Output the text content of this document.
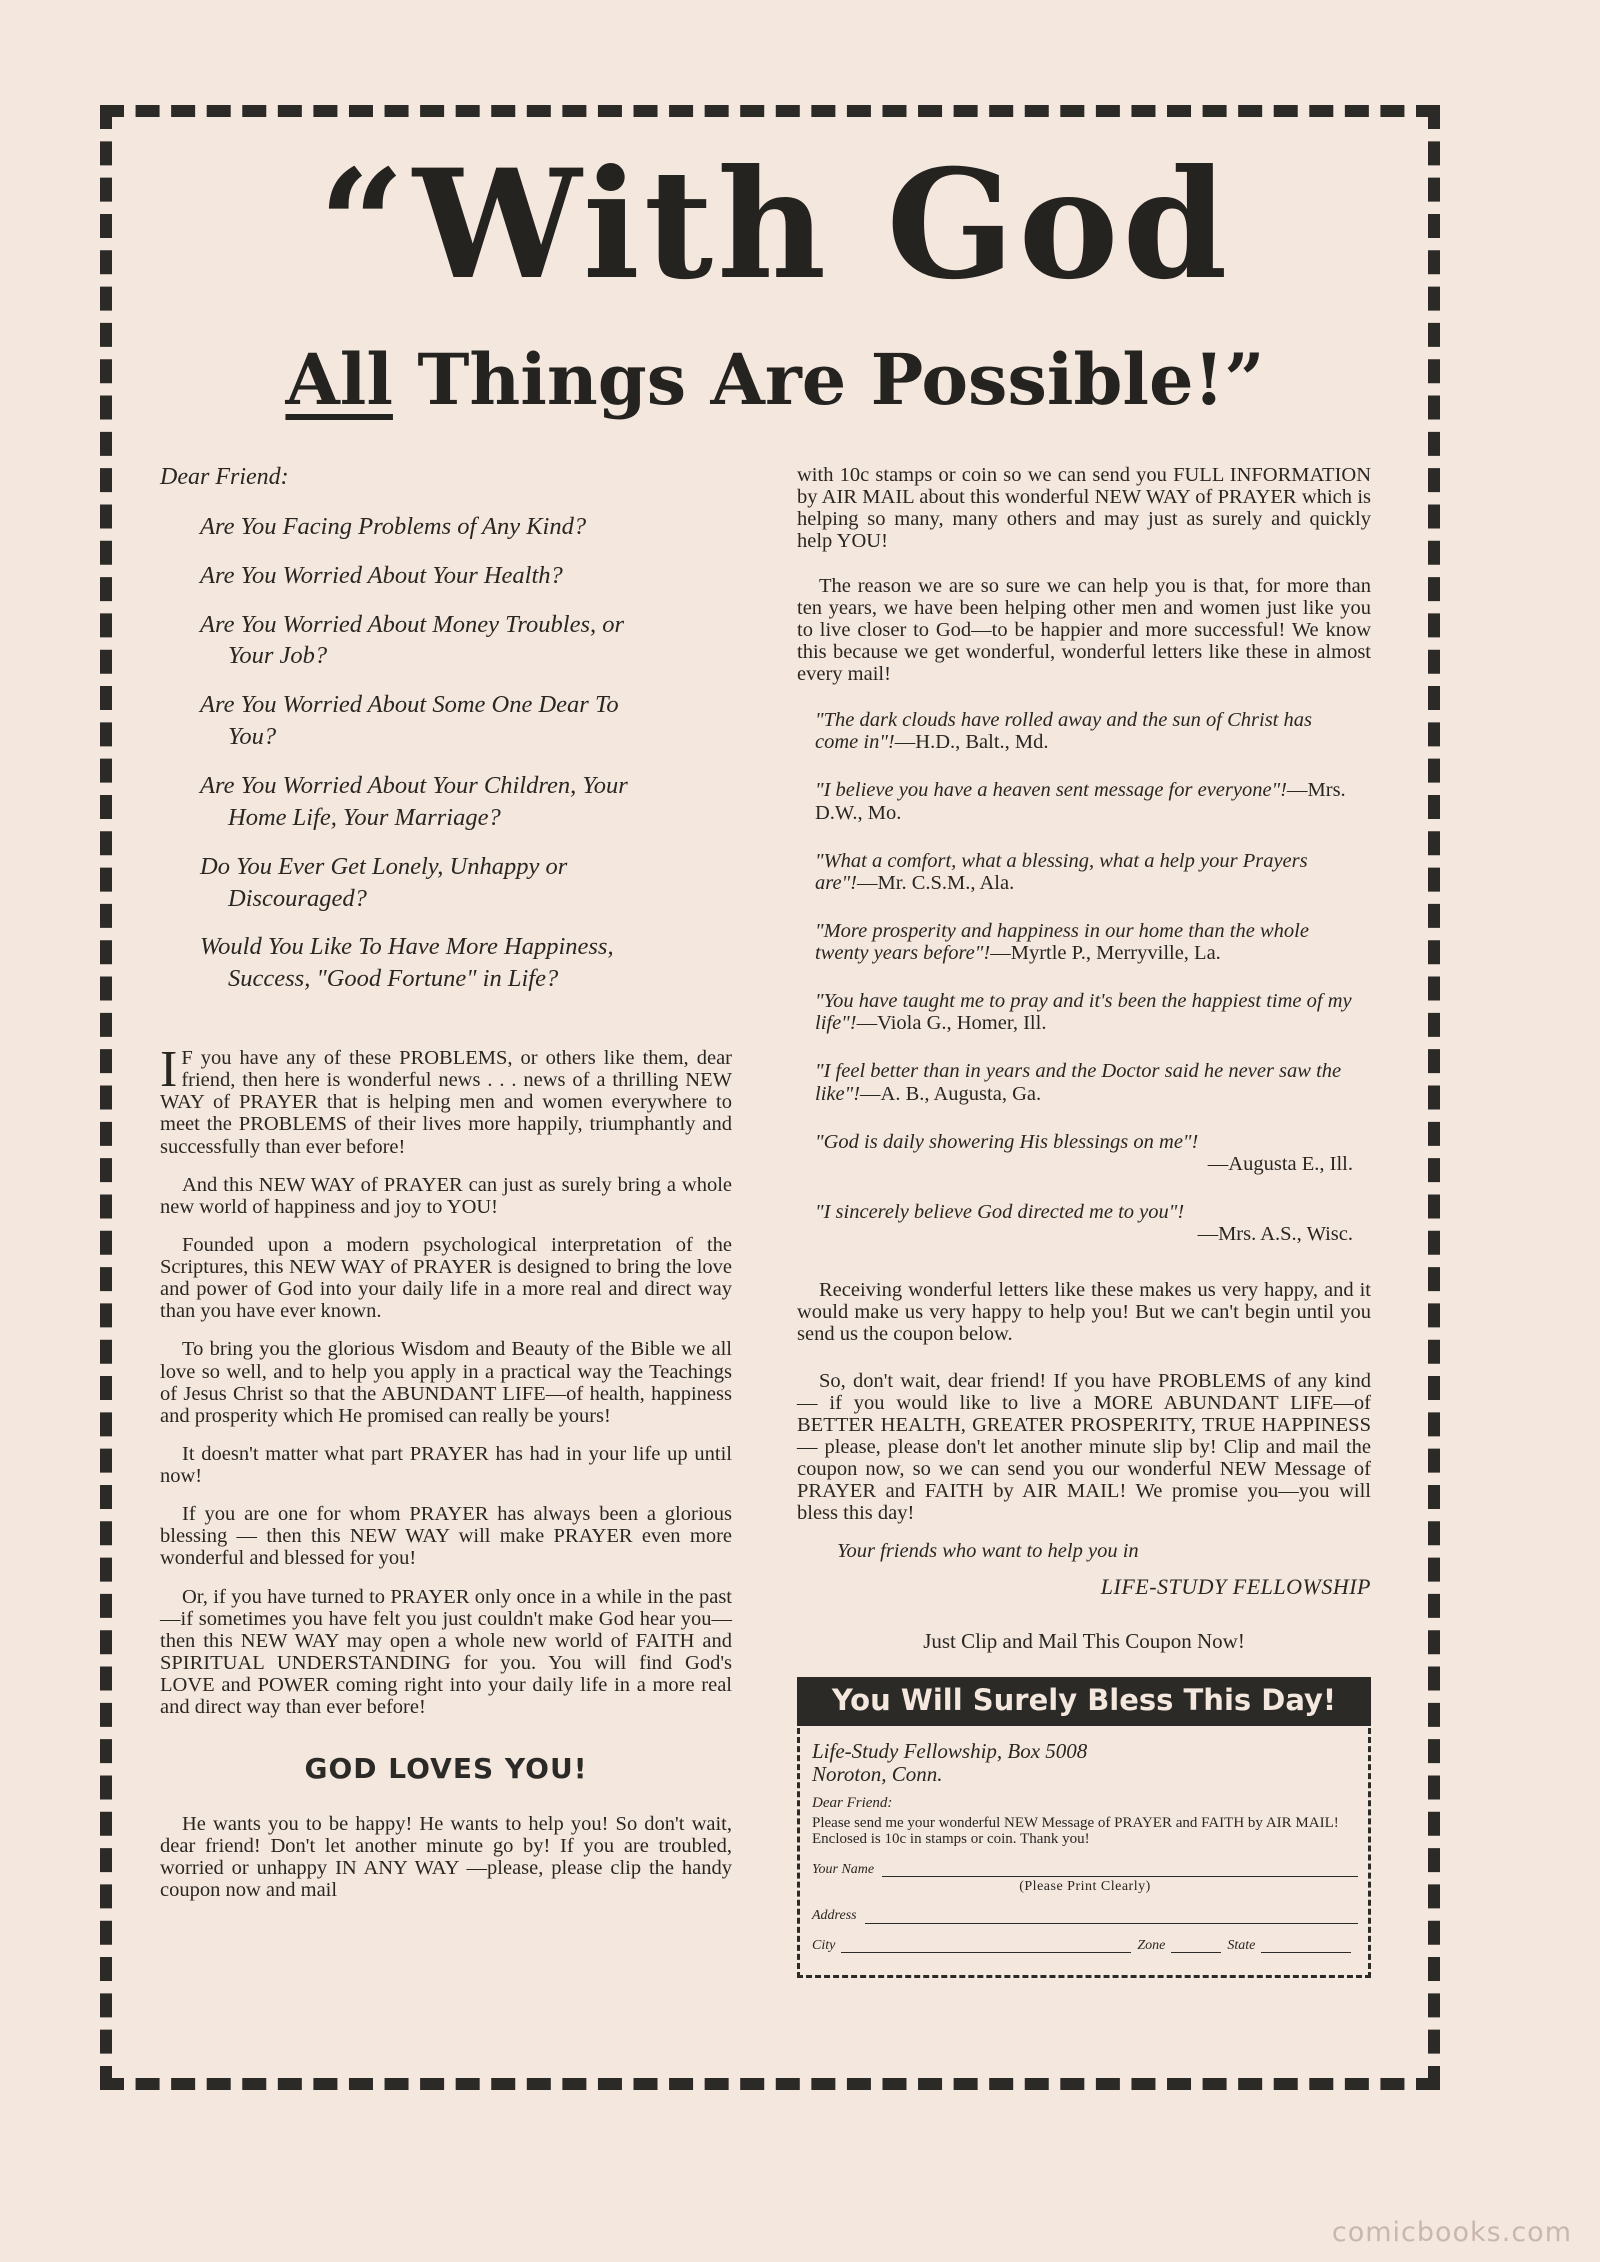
“With God
All Things Are Possible!”
Dear Friend:
Are You Facing Problems of Any Kind?
Are You Worried About Your Health?
Are You Worried About Money Troubles, or
Your Job?
Are You Worried About Some One Dear To
You?
Are You Worried About Your Children, Your
Home Life, Your Marriage?
Do You Ever Get Lonely, Unhappy or
Discouraged?
Would You Like To Have More Happiness,
Success, "Good Fortune" in Life?

I F you have any of these PROBLEMS, or others like them, dear friend, then here is wonderful news . . . news of a thrilling NEW WAY of PRAYER that is helping men and women everywhere to meet the PROBLEMS of their lives more happily, triumphantly and successfully than ever before!

And this NEW WAY of PRAYER can just as surely bring a whole new world of happiness and joy to YOU!

Founded upon a modern psychological interpretation of the Scriptures, this NEW WAY of PRAYER is designed to bring the love and power of God into your daily life in a more real and direct way than you have ever known.

To bring you the glorious Wisdom and Beauty of the Bible we all love so well, and to help you apply in a practical way the Teachings of Jesus Christ so that the ABUNDANT LIFE—of health, happiness and prosperity which He promised can really be yours!

It doesn't matter what part PRAYER has had in your life up until now!

If you are one for whom PRAYER has always been a glorious blessing — then this NEW WAY will make PRAYER even more wonderful and blessed for you!

Or, if you have turned to PRAYER only once in a while in the past—if sometimes you have felt you just couldn't make God hear you—then this NEW WAY may open a whole new world of FAITH and SPIRITUAL UNDERSTANDING for you. You will find God's LOVE and POWER coming right into your daily life in a more real and direct way than ever before!

GOD LOVES YOU!

He wants you to be happy! He wants to help you! So don't wait, dear friend! Don't let another minute go by! If you are troubled, worried or unhappy IN ANY WAY —please, please clip the handy coupon now and mail

with 10c stamps or coin so we can send you FULL INFORMATION by AIR MAIL about this wonderful NEW WAY of PRAYER which is helping so many, many others and may just as surely and quickly help YOU!

The reason we are so sure we can help you is that, for more than ten years, we have been helping other men and women just like you to live closer to God—to be happier and more successful! We know this because we get wonderful, wonderful letters like these in almost every mail!

"The dark clouds have rolled away and the sun of Christ has come in"!—H.D., Balt., Md.
"I believe you have a heaven sent message for everyone"!—Mrs. D.W., Mo.
"What a comfort, what a blessing, what a help your Prayers are"!—Mr. C.S.M., Ala.
"More prosperity and happiness in our home than the whole twenty years before"!—Myrtle P., Merryville, La.
"You have taught me to pray and it's been the happiest time of my life"!—Viola G., Homer, Ill.
"I feel better than in years and the Doctor said he never saw the like"!—A. B., Augusta, Ga.
"God is daily showering His blessings on me"!
—Augusta E., Ill.
"I sincerely believe God directed me to you"!
—Mrs. A.S., Wisc.

Receiving wonderful letters like these makes us very happy, and it would make us very happy to help you! But we can't begin until you send us the coupon below.

So, don't wait, dear friend! If you have PROBLEMS of any kind — if you would like to live a MORE ABUNDANT LIFE—of BETTER HEALTH, GREATER PROSPERITY, TRUE HAPPINESS — please, please don't let another minute slip by! Clip and mail the coupon now, so we can send you our wonderful NEW Message of PRAYER and FAITH by AIR MAIL! We promise you—you will bless this day!

Your friends who want to help you in
LIFE-STUDY FELLOWSHIP
Just Clip and Mail This Coupon Now!
You Will Surely Bless This Day!
Life-Study Fellowship, Box 5008
Noroton, Conn.
Dear Friend:
Please send me your wonderful NEW Message of PRAYER and FAITH by AIR MAIL! Enclosed is 10c in stamps or coin. Thank you!
Your Name
(Please Print Clearly)
Address
City	Zone	State
comicbooks.com
